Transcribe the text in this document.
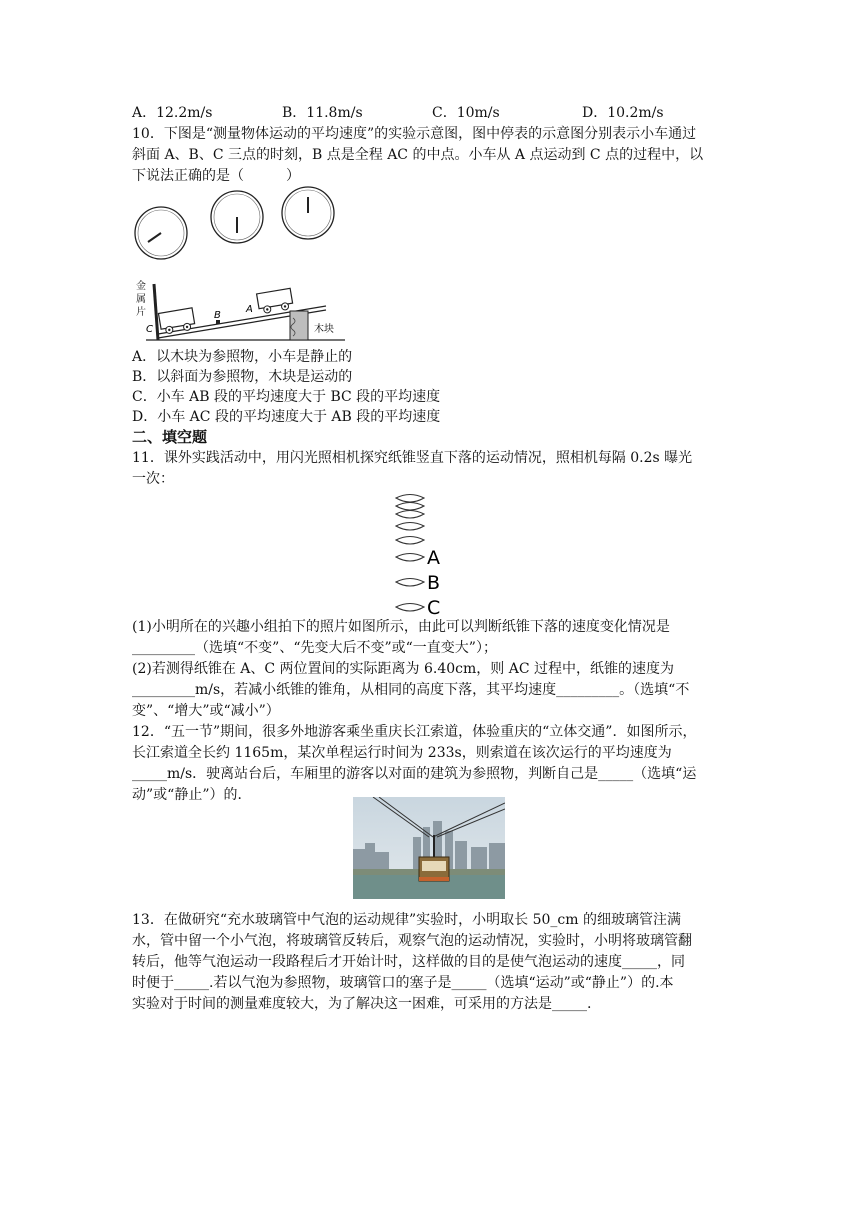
A．12.2m/s	B．11.8m/s	C．10m/s	D．10.2m/s
10．下图是“测量物体运动的平均速度”的实验示意图，图中停表的示意图分别表示小车通过
斜面 A、B、C 三点的时刻，B 点是全程 AC 的中点。小车从 A 点运动到 C 点的过程中，以
下说法正确的是（　　　）
C
B
A
木块
金属片
A．以木块为参照物，小车是静止的
B．以斜面为参照物，木块是运动的
C．小车 AB 段的平均速度大于 BC 段的平均速度
D．小车 AC 段的平均速度大于 AB 段的平均速度
二、填空题
11．课外实践活动中，用闪光照相机探究纸锥竖直下落的运动情况，照相机每隔 0.2s 曝光
一次：
A
B
C
(1)小明所在的兴趣小组拍下的照片如图所示，由此可以判断纸锥下落的速度变化情况是
_________（选填“不变”、“先变大后不变”或“一直变大”）；
(2)若测得纸锥在 A、C 两位置间的实际距离为 6.40cm，则 AC 过程中，纸锥的速度为
_________m/s，若减小纸锥的锥角，从相同的高度下落，其平均速度_________。（选填“不
变”、“增大”或“减小”）
12．“五一节”期间，很多外地游客乘坐重庆长江索道，体验重庆的“立体交通”．如图所示，
长江索道全长约 1165m，某次单程运行时间为 233s，则索道在该次运行的平均速度为
_____m/s．驶离站台后，车厢里的游客以对面的建筑为参照物，判断自己是_____（选填“运
动”或“静止”）的．
13．在做研究“充水玻璃管中气泡的运动规律”实验时，小明取长 50_cm 的细玻璃管注满
水，管中留一个小气泡，将玻璃管反转后，观察气泡的运动情况，实验时，小明将玻璃管翻
转后，他等气泡运动一段路程后才开始计时，这样做的目的是使气泡运动的速度_____，同
时便于_____.若以气泡为参照物，玻璃管口的塞子是_____（选填“运动”或“静止”）的.本
实验对于时间的测量难度较大，为了解决这一困难，可采用的方法是_____.
